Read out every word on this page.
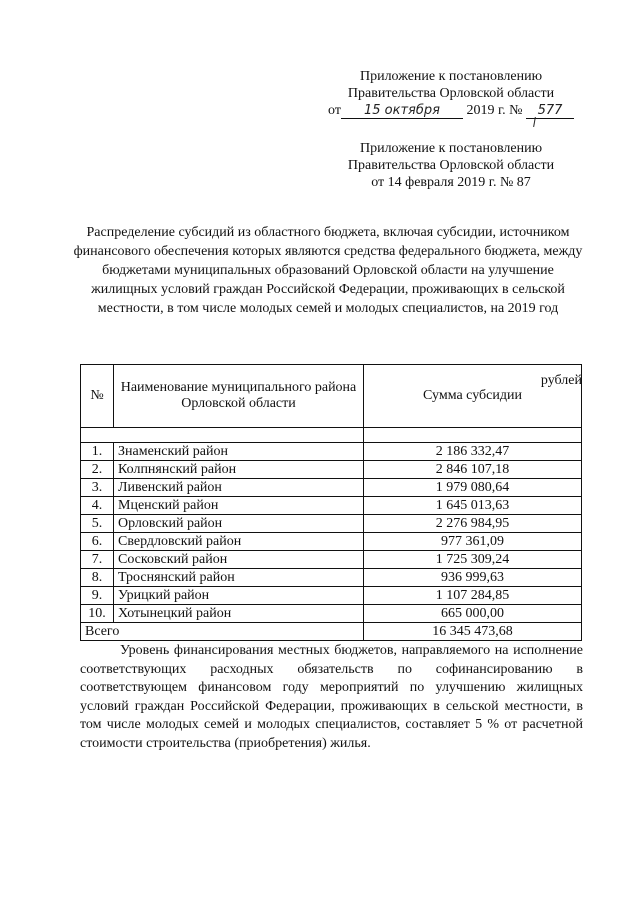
Приложение к постановлению
Правительства Орловской области
от 15 октября 2019 г. № 577
Приложение к постановлению
Правительства Орловской области
от 14 февраля 2019 г. № 87
Распределение субсидий из областного бюджета, включая субсидии, источником финансового обеспечения которых являются средства федерального бюджета, между бюджетами муниципальных образований Орловской области на улучшение жилищных условий граждан Российской Федерации, проживающих в сельской местности, в том числе молодых семей и молодых специалистов, на 2019 год
рублей
№	Наименование муниципального района Орловской области	Сумма субсидии

1.	Знаменский район	2 186 332,47
2.	Колпнянский район	2 846 107,18
3.	Ливенский район	1 979 080,64
4.	Мценский район	1 645 013,63
5.	Орловский район	2 276 984,95
6.	Свердловский район	977 361,09
7.	Сосковский район	1 725 309,24
8.	Троснянский район	936 999,63
9.	Урицкий район	1 107 284,85
10.	Хотынецкий район	665 000,00
Всего		16 345 473,68
Уровень финансирования местных бюджетов, направляемого на исполнение соответствующих расходных обязательств по софинансированию в соответствующем финансовом году мероприятий по улучшению жилищных условий граждан Российской Федерации, проживающих в сельской местности, в том числе молодых семей и молодых специалистов, составляет 5 % от расчетной стоимости строительства (приобретения) жилья.
